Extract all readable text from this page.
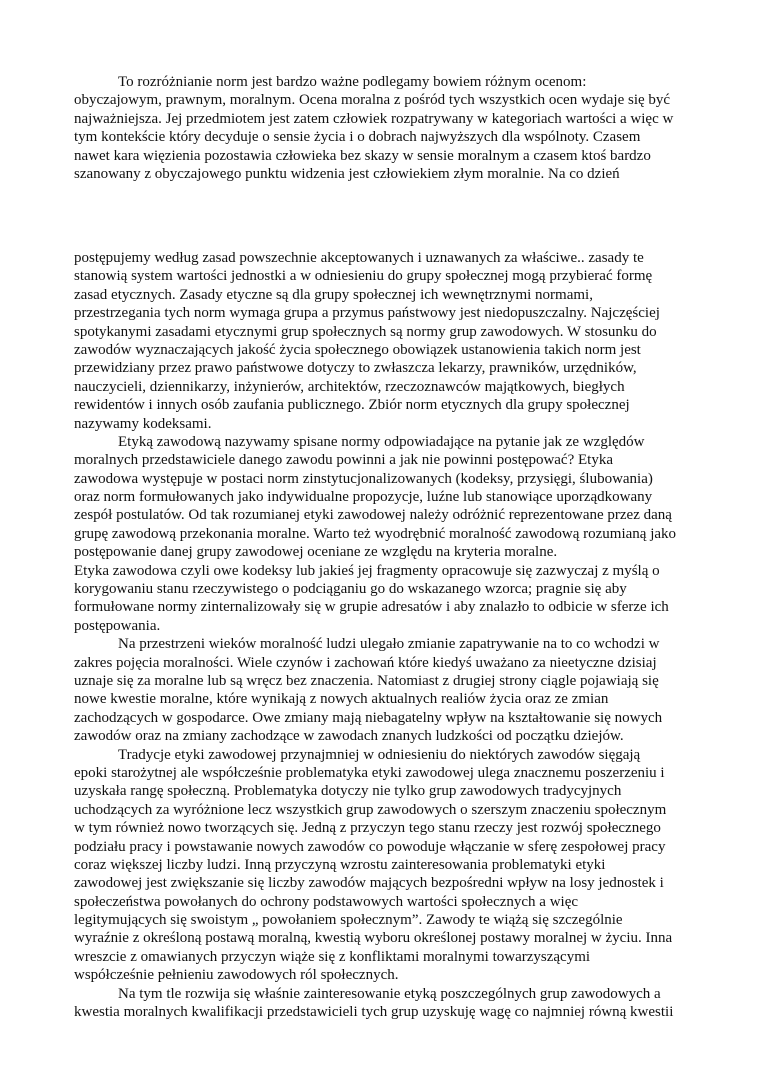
To rozróżnianie norm jest bardzo ważne podlegamy bowiem różnym ocenom:
obyczajowym, prawnym, moralnym. Ocena moralna z pośród tych wszystkich ocen wydaje się być
najważniejsza. Jej przedmiotem jest zatem człowiek rozpatrywany w kategoriach wartości a więc w
tym kontekście który decyduje o sensie życia i o dobrach najwyższych dla wspólnoty. Czasem
nawet kara więzienia pozostawia człowieka bez skazy w sensie moralnym a czasem ktoś bardzo
szanowany z obyczajowego punktu widzenia jest człowiekiem złym moralnie. Na co dzień
postępujemy według zasad powszechnie akceptowanych i uznawanych za właściwe.. zasady te
stanowią system wartości jednostki a w odniesieniu do grupy społecznej mogą przybierać formę
zasad etycznych. Zasady etyczne są dla grupy społecznej ich wewnętrznymi normami,
przestrzegania tych norm wymaga grupa a przymus państwowy jest niedopuszczalny. Najczęściej
spotykanymi zasadami etycznymi grup społecznych są normy grup zawodowych. W stosunku do
zawodów wyznaczających jakość życia społecznego obowiązek ustanowienia takich norm jest
przewidziany przez prawo państwowe dotyczy to zwłaszcza lekarzy, prawników, urzędników,
nauczycieli, dziennikarzy, inżynierów, architektów, rzeczoznawców majątkowych, biegłych
rewidentów i innych osób zaufania publicznego. Zbiór norm etycznych dla grupy społecznej
nazywamy kodeksami.
Etyką zawodową nazywamy spisane normy odpowiadające na pytanie jak ze względów
moralnych przedstawiciele danego zawodu powinni a jak nie powinni postępować? Etyka
zawodowa występuje w postaci norm zinstytucjonalizowanych (kodeksy, przysięgi, ślubowania)
oraz norm formułowanych jako indywidualne propozycje, luźne lub stanowiące uporządkowany
zespół postulatów. Od tak rozumianej etyki zawodowej należy odróżnić reprezentowane przez daną
grupę zawodową przekonania moralne. Warto też wyodrębnić moralność zawodową rozumianą jako
postępowanie danej grupy zawodowej oceniane ze względu na kryteria moralne.
Etyka zawodowa czyli owe kodeksy lub jakieś jej fragmenty opracowuje się zazwyczaj z myślą o
korygowaniu stanu rzeczywistego o podciąganiu go do wskazanego wzorca; pragnie się aby
formułowane normy zinternalizowały się w grupie adresatów i aby znalazło to odbicie w sferze ich
postępowania.
Na przestrzeni wieków moralność ludzi ulegało zmianie zapatrywanie na to co wchodzi w
zakres pojęcia moralności. Wiele czynów i zachowań które kiedyś uważano za nieetyczne dzisiaj
uznaje się za moralne lub są wręcz bez znaczenia. Natomiast z drugiej strony ciągle pojawiają się
nowe kwestie moralne, które wynikają z nowych aktualnych realiów życia oraz ze zmian
zachodzących w gospodarce. Owe zmiany mają niebagatelny wpływ na kształtowanie się nowych
zawodów oraz na zmiany zachodzące w zawodach znanych ludzkości od początku dziejów.
Tradycje etyki zawodowej przynajmniej w odniesieniu do niektórych zawodów sięgają
epoki starożytnej ale współcześnie problematyka etyki zawodowej ulega znacznemu poszerzeniu i
uzyskała rangę społeczną. Problematyka dotyczy nie tylko grup zawodowych tradycyjnych
uchodzących za wyróżnione lecz wszystkich grup zawodowych o szerszym znaczeniu społecznym
w tym również nowo tworzących się. Jedną z przyczyn tego stanu rzeczy jest rozwój społecznego
podziału pracy i powstawanie nowych zawodów co powoduje włączanie w sferę zespołowej pracy
coraz większej liczby ludzi. Inną przyczyną wzrostu zainteresowania problematyki etyki
zawodowej jest zwiększanie się liczby zawodów mających bezpośredni wpływ na losy jednostek i
społeczeństwa powołanych do ochrony podstawowych wartości społecznych a więc
legitymujących się swoistym „ powołaniem społecznym”. Zawody te wiążą się szczególnie
wyraźnie z określoną postawą moralną, kwestią wyboru określonej postawy moralnej w życiu. Inna
wreszcie z omawianych przyczyn wiąże się z konfliktami moralnymi towarzyszącymi
współcześnie pełnieniu zawodowych ról społecznych.
Na tym tle rozwija się właśnie zainteresowanie etyką poszczególnych grup zawodowych a
kwestia moralnych kwalifikacji przedstawicieli tych grup uzyskuję wagę co najmniej równą kwestii
